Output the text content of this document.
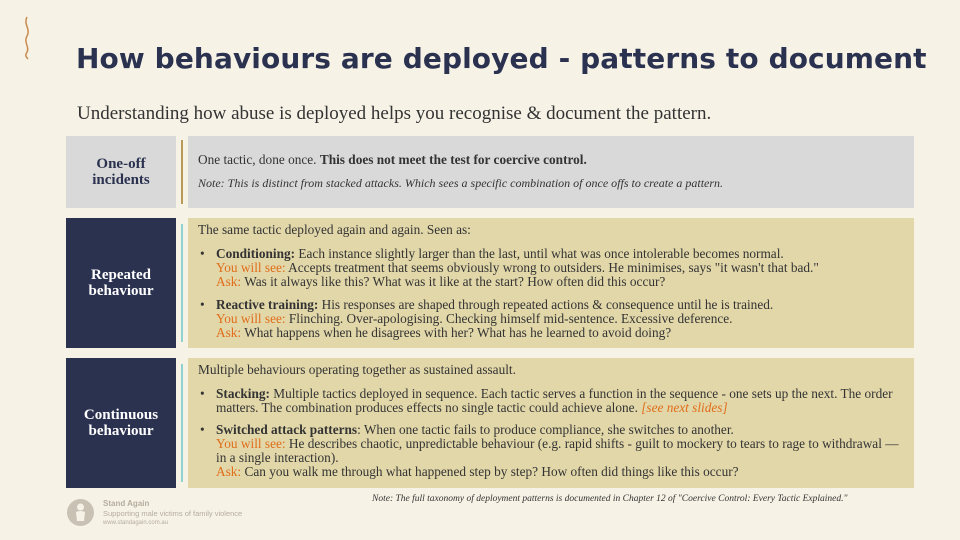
How behaviours are deployed - patterns to document

Understanding how abuse is deployed helps you recognise & document the pattern.

One-off incidents

One tactic, done once. This does not meet the test for coercive control.

Note: This is distinct from stacked attacks. Which sees a specific combination of once offs to create a pattern.

Repeated behaviour

The same tactic deployed again and again. Seen as:

• Conditioning: Each instance slightly larger than the last, until what was once intolerable becomes normal.
You will see: Accepts treatment that seems obviously wrong to outsiders. He minimises, says "it wasn't that bad."
Ask: Was it always like this? What was it like at the start? How often did this occur?
• Reactive training: His responses are shaped through repeated actions & consequence until he is trained.
You will see: Flinching. Over-apologising. Checking himself mid-sentence. Excessive deference.
Ask: What happens when he disagrees with her? What has he learned to avoid doing?
Continuous behaviour

Multiple behaviours operating together as sustained assault.

• Stacking: Multiple tactics deployed in sequence. Each tactic serves a function in the sequence - one sets up the next. The order matters. The combination produces effects no single tactic could achieve alone. [see next slides]
• Switched attack patterns: When one tactic fails to produce compliance, she switches to another.
You will see: He describes chaotic, unpredictable behaviour (e.g. rapid shifts - guilt to mockery to tears to rage to withdrawal — in a single interaction).
Ask: Can you walk me through what happened step by step? How often did things like this occur?

Note: The full taxonomy of deployment patterns is documented in Chapter 12 of "Coercive Control: Every Tactic Explained."

Stand Again
Supporting male victims of family violence
www.standagain.com.au
